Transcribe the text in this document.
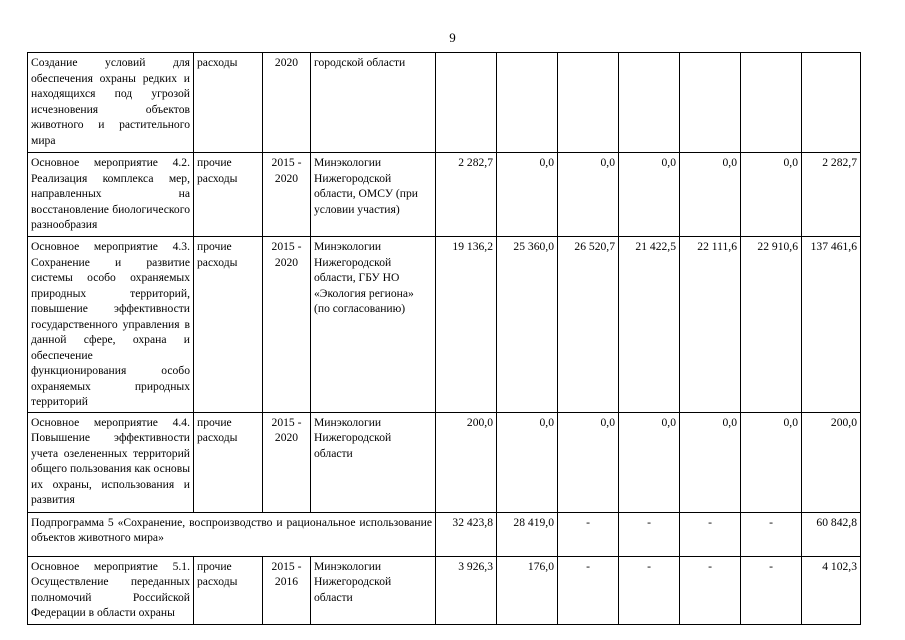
9
Создание условий для обеспечения охраны редких и находящихся под угрозой исчезновения объектов животного и растительного мира	расходы	2020	городской области							
Основное мероприятие 4.2. Реализация комплекса мер, направленных на восстановление биологического разнообразия	прочие расходы	2015 - 2020	Минэкологии Нижегородской области, ОМСУ (при условии участия)	2 282,7	0,0	0,0	0,0	0,0	0,0	2 282,7
Основное мероприятие 4.3. Сохранение и развитие системы особо охраняемых природных территорий, повышение эффективности государственного управления в данной сфере, охрана и обеспечение функционирования особо охраняемых природных территорий	прочие расходы	2015 - 2020	Минэкологии Нижегородской области, ГБУ НО «Экология региона» (по согласованию)	19 136,2	25 360,0	26 520,7	21 422,5	22 111,6	22 910,6	137 461,6
Основное мероприятие 4.4. Повышение эффективности учета озелененных территорий общего пользования как основы их охраны, использования и развития	прочие расходы	2015 - 2020	Минэкологии Нижегородской области	200,0	0,0	0,0	0,0	0,0	0,0	200,0
Подпрограмма 5 «Сохранение, воспроизводство и рациональное использование объектов животного мира»				32 423,8	28 419,0	-	-	-	-	60 842,8
Основное мероприятие 5.1. Осуществление переданных полномочий Российской Федерации в области охраны	прочие расходы	2015 - 2016	Минэкологии Нижегородской области	3 926,3	176,0	-	-	-	-	4 102,3
